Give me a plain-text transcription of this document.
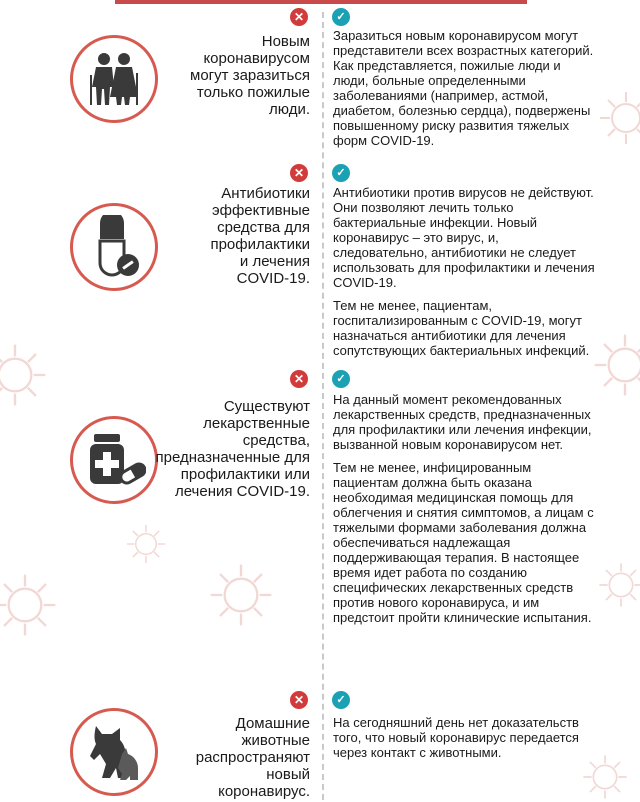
✕	✓
Новым коронавирусом могут заразиться только пожилые люди.

Заразиться новым коронавирусом могут представители всех возрастных категорий. Как представляется, пожилые люди и люди, больные определенными заболеваниями (например, астмой, диабетом, болезнью сердца), подвержены повышенному риску развития тяжелых форм COVID-19.

✕	✓
Антибиотики эффективные средства для профилактики и лечения COVID-19.

Антибиотики против вирусов не действуют. Они позволяют лечить только бактериальные инфекции. Новый коронавирус – это вирус, и, следовательно, антибиотики не следует использовать для профилактики и лечения COVID-19.

Тем не менее, пациентам, госпитализированным с COVID-19, могут назначаться антибиотики для лечения сопутствующих бактериальных инфекций.

✕	✓
Существуют лекарственные средства, предназначенные для профилактики или лечения COVID-19.

На данный момент рекомендованных лекарственных средств, предназначенных для профилактики или лечения инфекции, вызванной новым коронавирусом нет.

Тем не менее, инфицированным пациентам должна быть оказана необходимая медицинская помощь для облегчения и снятия симптомов, а лицам с тяжелыми формами заболевания должна обеспечиваться надлежащая поддерживающая терапия. В настоящее время идет работа по созданию специфических лекарственных средств против нового коронавируса, и им предстоит пройти клинические испытания.

✕	✓
Домашние животные распространяют новый коронавирус.

На сегодняшний день нет доказательств того, что новый коронавирус передается через контакт с животными.
